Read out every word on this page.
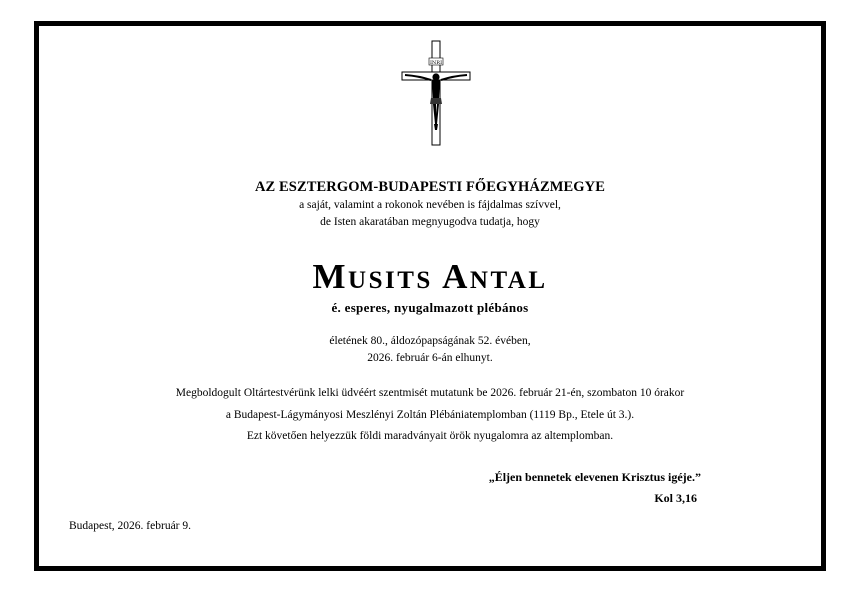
INRI
AZ ESZTERGOM-BUDAPESTI FŐEGYHÁZMEGYE
a saját, valamint a rokonok nevében is fájdalmas szívvel,
de Isten akaratában megnyugodva tudatja, hogy
Musits Antal
é. esperes, nyugalmazott plébános
életének 80., áldozópapságának 52. évében,
2026. február 6-án elhunyt.
Megboldogult Oltártestvérünk lelki üdvéért szentmisét mutatunk be 2026. február 21-én, szombaton 10 órakor
a Budapest-Lágymányosi Meszlényi Zoltán Plébániatemplomban (1119 Bp., Etele út 3.).
Ezt követően helyezzük földi maradványait örök nyugalomra az altemplomban.
„Éljen bennetek elevenen Krisztus igéje.”
Kol 3,16
Budapest, 2026. február 9.
